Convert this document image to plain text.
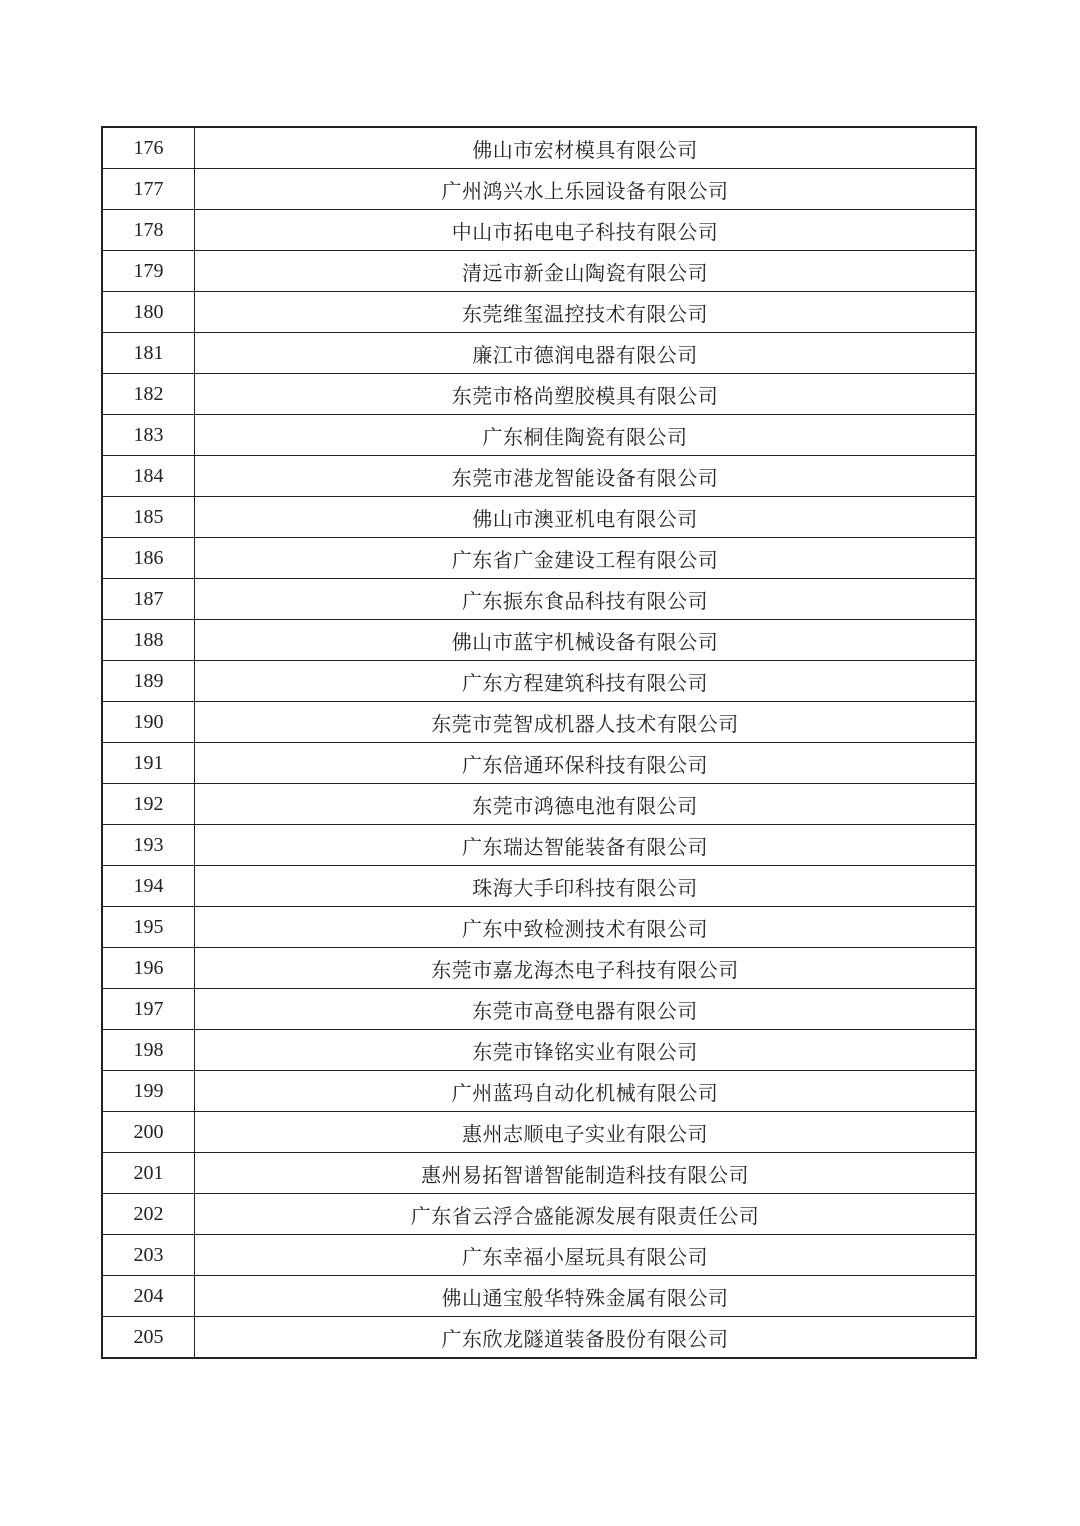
176	佛山市宏材模具有限公司
177	广州鸿兴水上乐园设备有限公司
178	中山市拓电电子科技有限公司
179	清远市新金山陶瓷有限公司
180	东莞维玺温控技术有限公司
181	廉江市德润电器有限公司
182	东莞市格尚塑胶模具有限公司
183	广东桐佳陶瓷有限公司
184	东莞市港龙智能设备有限公司
185	佛山市澳亚机电有限公司
186	广东省广金建设工程有限公司
187	广东振东食品科技有限公司
188	佛山市蓝宇机械设备有限公司
189	广东方程建筑科技有限公司
190	东莞市莞智成机器人技术有限公司
191	广东倍通环保科技有限公司
192	东莞市鸿德电池有限公司
193	广东瑞达智能装备有限公司
194	珠海大手印科技有限公司
195	广东中致检测技术有限公司
196	东莞市嘉龙海杰电子科技有限公司
197	东莞市高登电器有限公司
198	东莞市锋铭实业有限公司
199	广州蓝玛自动化机械有限公司
200	惠州志顺电子实业有限公司
201	惠州易拓智谱智能制造科技有限公司
202	广东省云浮合盛能源发展有限责任公司
203	广东幸福小屋玩具有限公司
204	佛山通宝般华特殊金属有限公司
205	广东欣龙隧道装备股份有限公司
